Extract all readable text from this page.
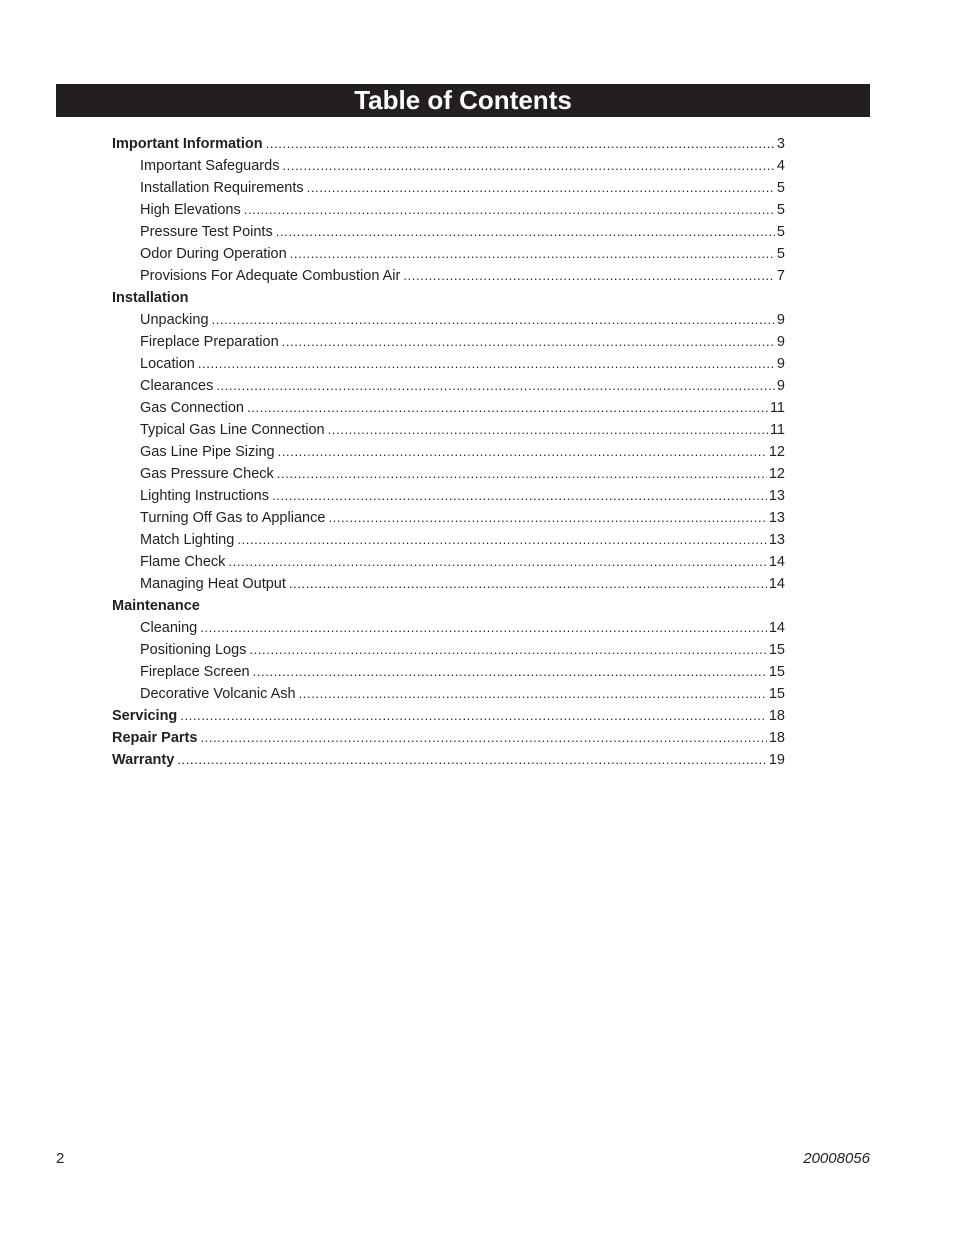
Table of Contents
Important Information .....	3
Important Safeguards .....	4
Installation Requirements .....	5
High Elevations .....	5
Pressure Test Points .....	5
Odor During Operation .....	5
Provisions For Adequate Combustion Air .....	7
Installation
Unpacking .....	9
Fireplace Preparation .....	9
Location .....	9
Clearances .....	9
Gas Connection .....	11
Typical Gas Line Connection .....	11
Gas Line Pipe Sizing .....	12
Gas Pressure Check .....	12
Lighting Instructions .....	13
Turning Off Gas to Appliance .....	13
Match Lighting .....	13
Flame Check .....	14
Managing Heat Output .....	14
Maintenance
Cleaning .....	14
Positioning Logs .....	15
Fireplace Screen .....	15
Decorative Volcanic Ash .....	15
Servicing .....	18
Repair Parts .....	18
Warranty .....	19
2	20008056
